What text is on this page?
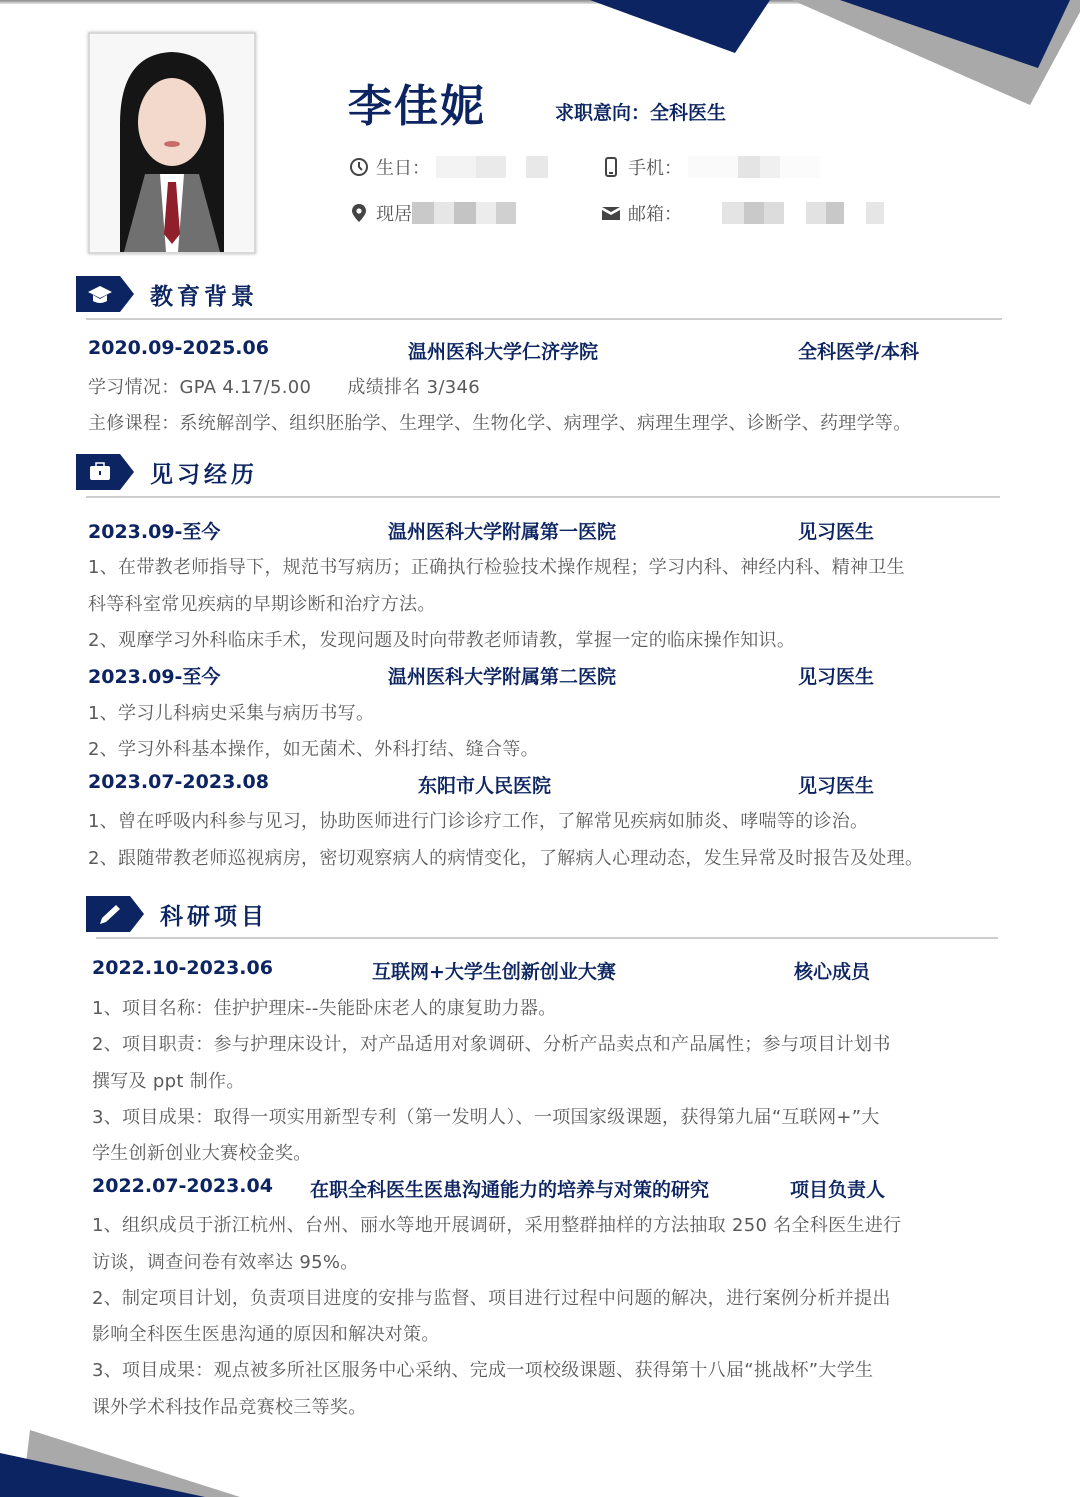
李佳妮	求职意向：全科医生
生日：	手机：
现居	邮箱：
教育背景
2020.09-2025.06	温州医科大学仁济学院	全科医学/本科
学习情况：GPA 4.17/5.00      成绩排名 3/346
主修课程：系统解剖学、组织胚胎学、生理学、生物化学、病理学、病理生理学、诊断学、药理学等。
见习经历
2023.09-至今	温州医科大学附属第一医院	见习医生
1、在带教老师指导下，规范书写病历；正确执行检验技术操作规程；学习内科、神经内科、精神卫生
科等科室常见疾病的早期诊断和治疗方法。
2、观摩学习外科临床手术，发现问题及时向带教老师请教，掌握一定的临床操作知识。
2023.09-至今	温州医科大学附属第二医院	见习医生
1、学习儿科病史采集与病历书写。
2、学习外科基本操作，如无菌术、外科打结、缝合等。
2023.07-2023.08	东阳市人民医院	见习医生
1、曾在呼吸内科参与见习，协助医师进行门诊诊疗工作，了解常见疾病如肺炎、哮喘等的诊治。
2、跟随带教老师巡视病房，密切观察病人的病情变化，了解病人心理动态，发生异常及时报告及处理。
科研项目
2022.10-2023.06	互联网+大学生创新创业大赛	核心成员
1、项目名称：佳护护理床--失能卧床老人的康复助力器。
2、项目职责：参与护理床设计，对产品适用对象调研、分析产品卖点和产品属性；参与项目计划书
撰写及 ppt 制作。
3、项目成果：取得一项实用新型专利（第一发明人）、一项国家级课题，获得第九届“互联网+”大
学生创新创业大赛校金奖。
2022.07-2023.04 在职全科医生医患沟通能力的培养与对策的研究	项目负责人
1、组织成员于浙江杭州、台州、丽水等地开展调研，采用整群抽样的方法抽取 250 名全科医生进行
访谈，调查问卷有效率达 95%。
2、制定项目计划，负责项目进度的安排与监督、项目进行过程中问题的解决，进行案例分析并提出
影响全科医生医患沟通的原因和解决对策。
3、项目成果：观点被多所社区服务中心采纳、完成一项校级课题、获得第十八届“挑战杯”大学生
课外学术科技作品竞赛校三等奖。
